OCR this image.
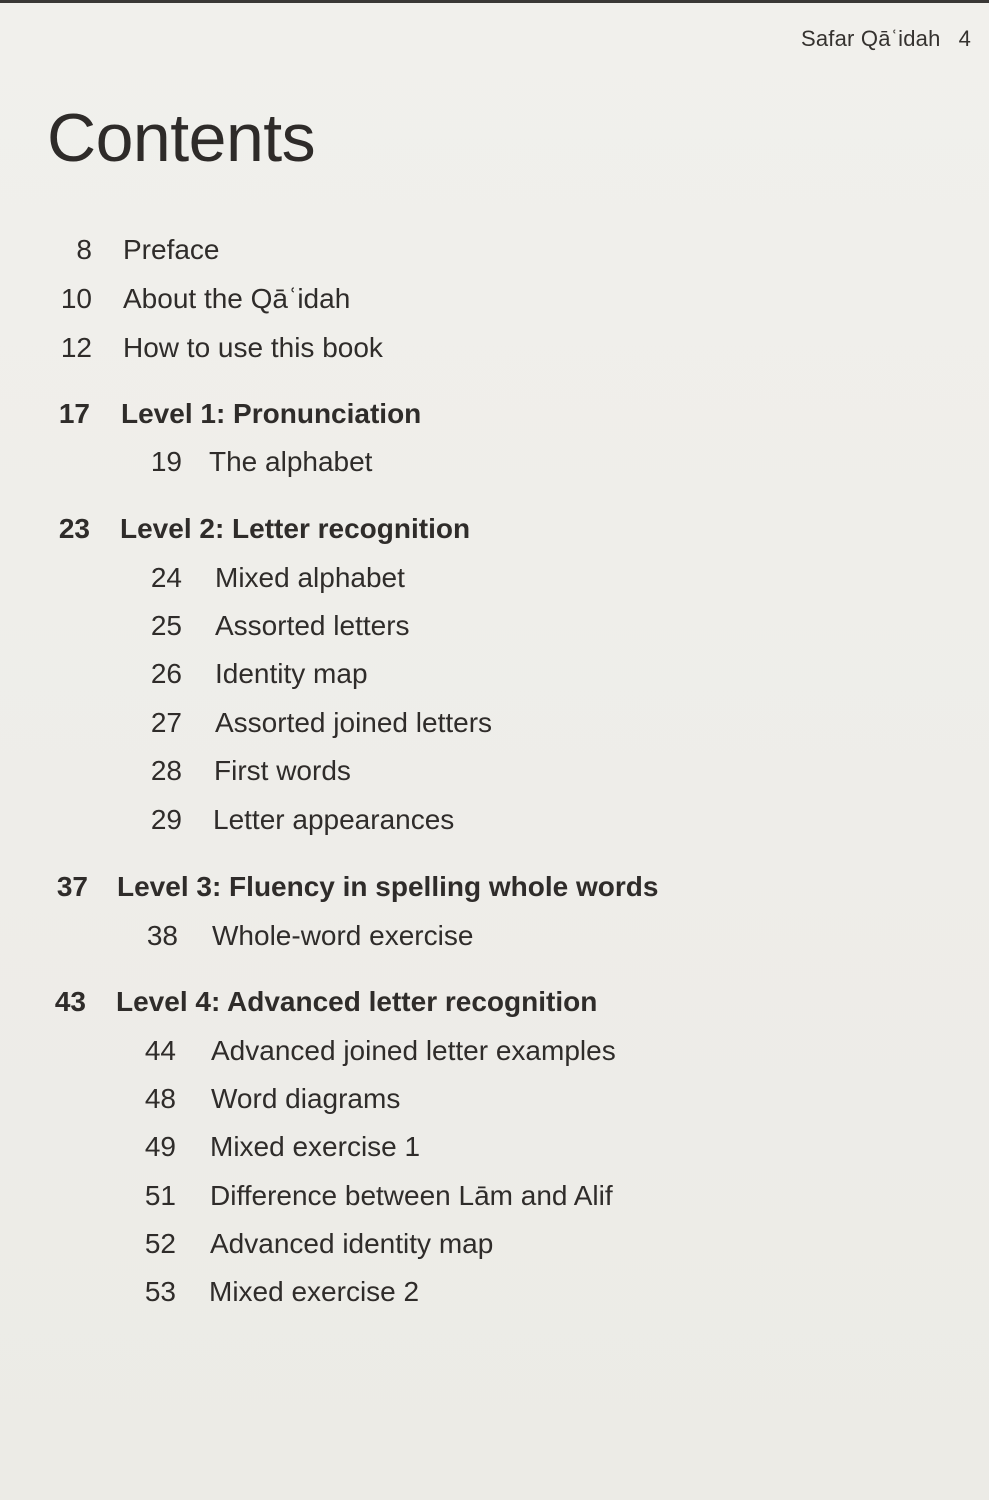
Safar Qāʿidah 4
Contents
8 Preface
10 About the Qāʿidah
12 How to use this book
17 Level 1: Pronunciation
19 The alphabet
23 Level 2: Letter recognition
24 Mixed alphabet
25 Assorted letters
26 Identity map
27 Assorted joined letters
28 First words
29 Letter appearances
37 Level 3: Fluency in spelling whole words
38 Whole-word exercise
43 Level 4: Advanced letter recognition
44 Advanced joined letter examples
48 Word diagrams
49 Mixed exercise 1
51 Difference between Lām and Alif
52 Advanced identity map
53 Mixed exercise 2
